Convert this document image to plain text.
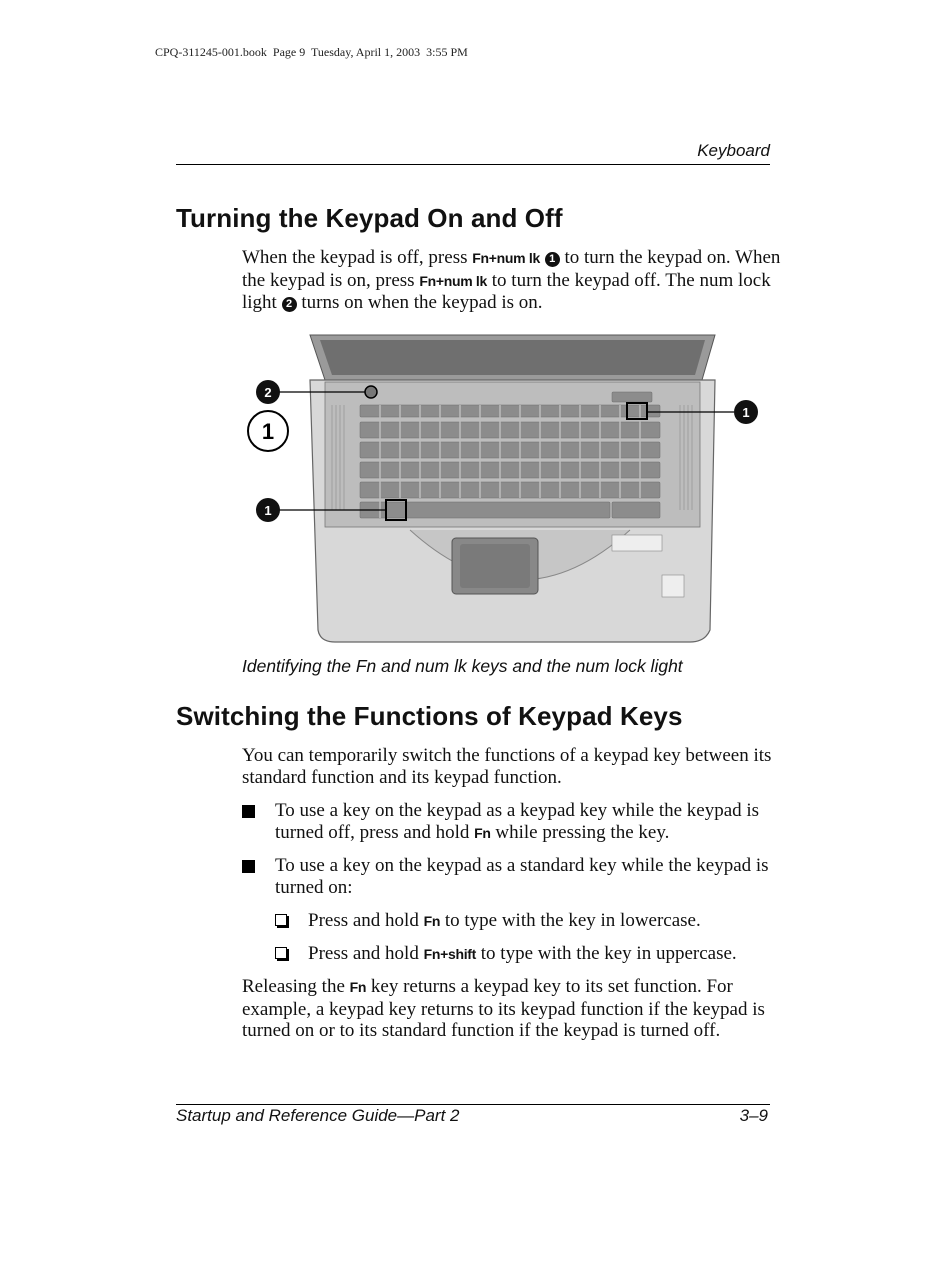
CPQ-311245-001.book  Page 9  Tuesday, April 1, 2003  3:55 PM
Keyboard
Turning the Keypad On and Off

When the keypad is off, press Fn+num lk 1 to turn the keypad on. When the keypad is on, press Fn+num lk to turn the keypad off. The num lock light 2 turns on when the keypad is on.

2
1
1
1
Identifying the Fn and num lk keys and the num lock light
Switching the Functions of Keypad Keys

You can temporarily switch the functions of a keypad key between its standard function and its keypad function.

To use a key on the keypad as a keypad key while the keypad is turned off, press and hold Fn while pressing the key.
To use a key on the keypad as a standard key while the keypad is turned on:
Press and hold Fn to type with the key in lowercase.
Press and hold Fn+shift to type with the key in uppercase.

Releasing the Fn key returns a keypad key to its set function. For example, a keypad key returns to its keypad function if the keypad is turned on or to its standard function if the keypad is turned off.

Startup and Reference Guide—Part 2	3–9
